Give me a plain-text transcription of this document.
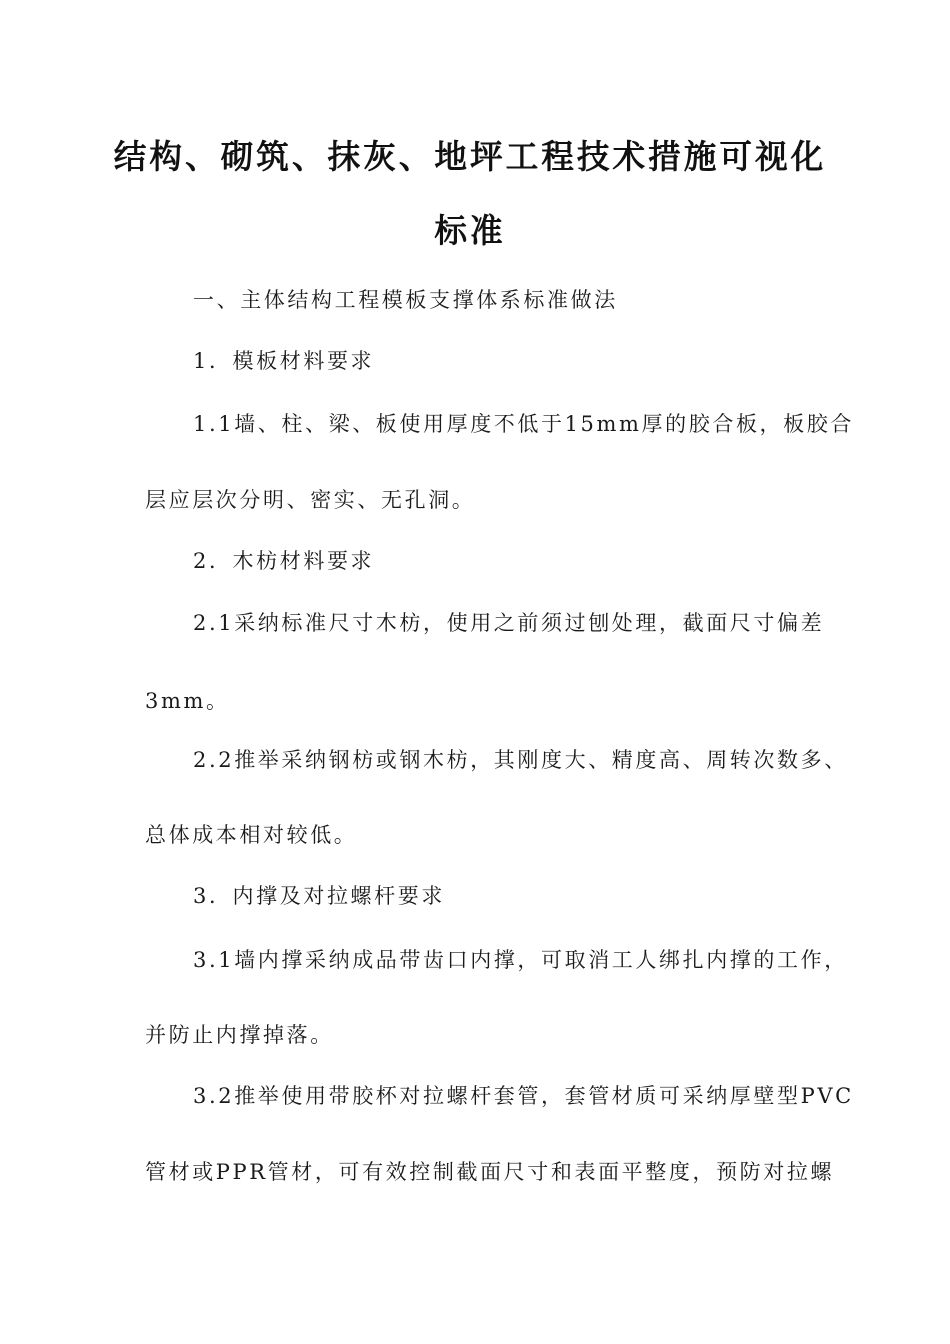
结构、砌筑、抹灰、地坪工程技术措施可视化
标准
一、主体结构工程模板支撑体系标准做法
1．模板材料要求
1.1墙、柱、梁、板使用厚度不低于15mm厚的胶合板，板胶合
层应层次分明、密实、无孔洞。
2．木枋材料要求
2.1采纳标准尺寸木枋，使用之前须过刨处理，截面尺寸偏差
3mm。
2.2推举采纳钢枋或钢木枋，其刚度大、精度高、周转次数多、
总体成本相对较低。
3．内撑及对拉螺杆要求
3.1墙内撑采纳成品带齿口内撑，可取消工人绑扎内撑的工作，
并防止内撑掉落。
3.2推举使用带胶杯对拉螺杆套管，套管材质可采纳厚壁型PVC
管材或PPR管材，可有效控制截面尺寸和表面平整度，预防对拉螺
